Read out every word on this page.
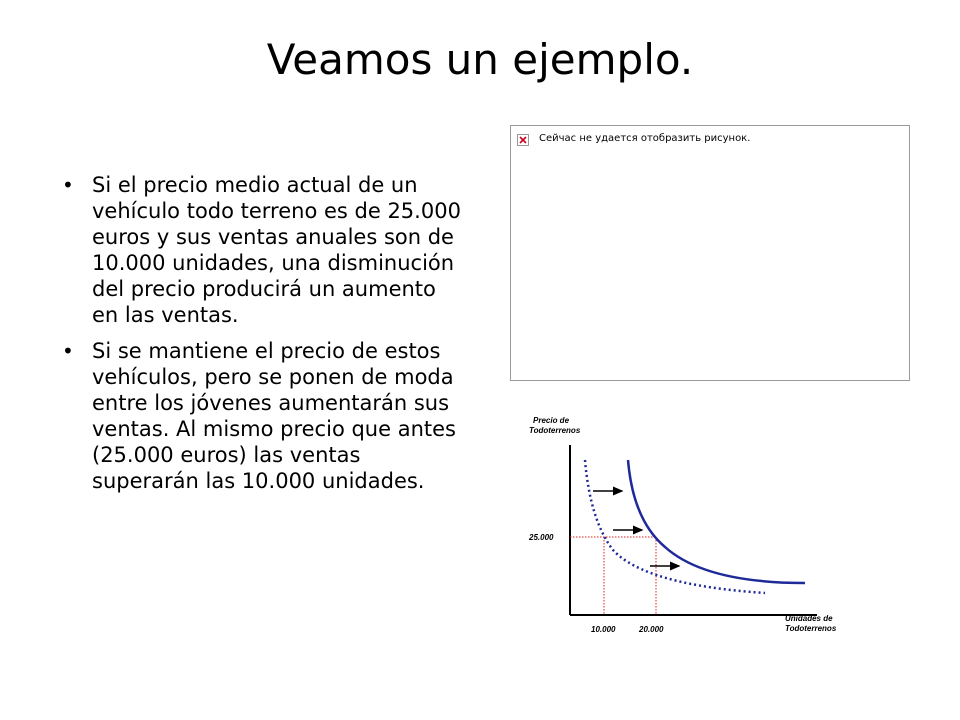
Veamos un ejemplo.
• Si el precio medio actual de un vehículo todo terreno es de 25.000 euros y sus ventas anuales son de 10.000 unidades, una disminución del precio producirá un aumento en las ventas.
• Si se mantiene el precio de estos vehículos, pero se ponen de moda entre los jóvenes aumentarán sus ventas. Al mismo precio que antes (25.000 euros) las ventas superarán las 10.000 unidades.
Сейчас не удается отобразить рисунок.
Precio de
Todoterrenos
Unidades de
Todoterrenos
25.000
10.000	20.000
